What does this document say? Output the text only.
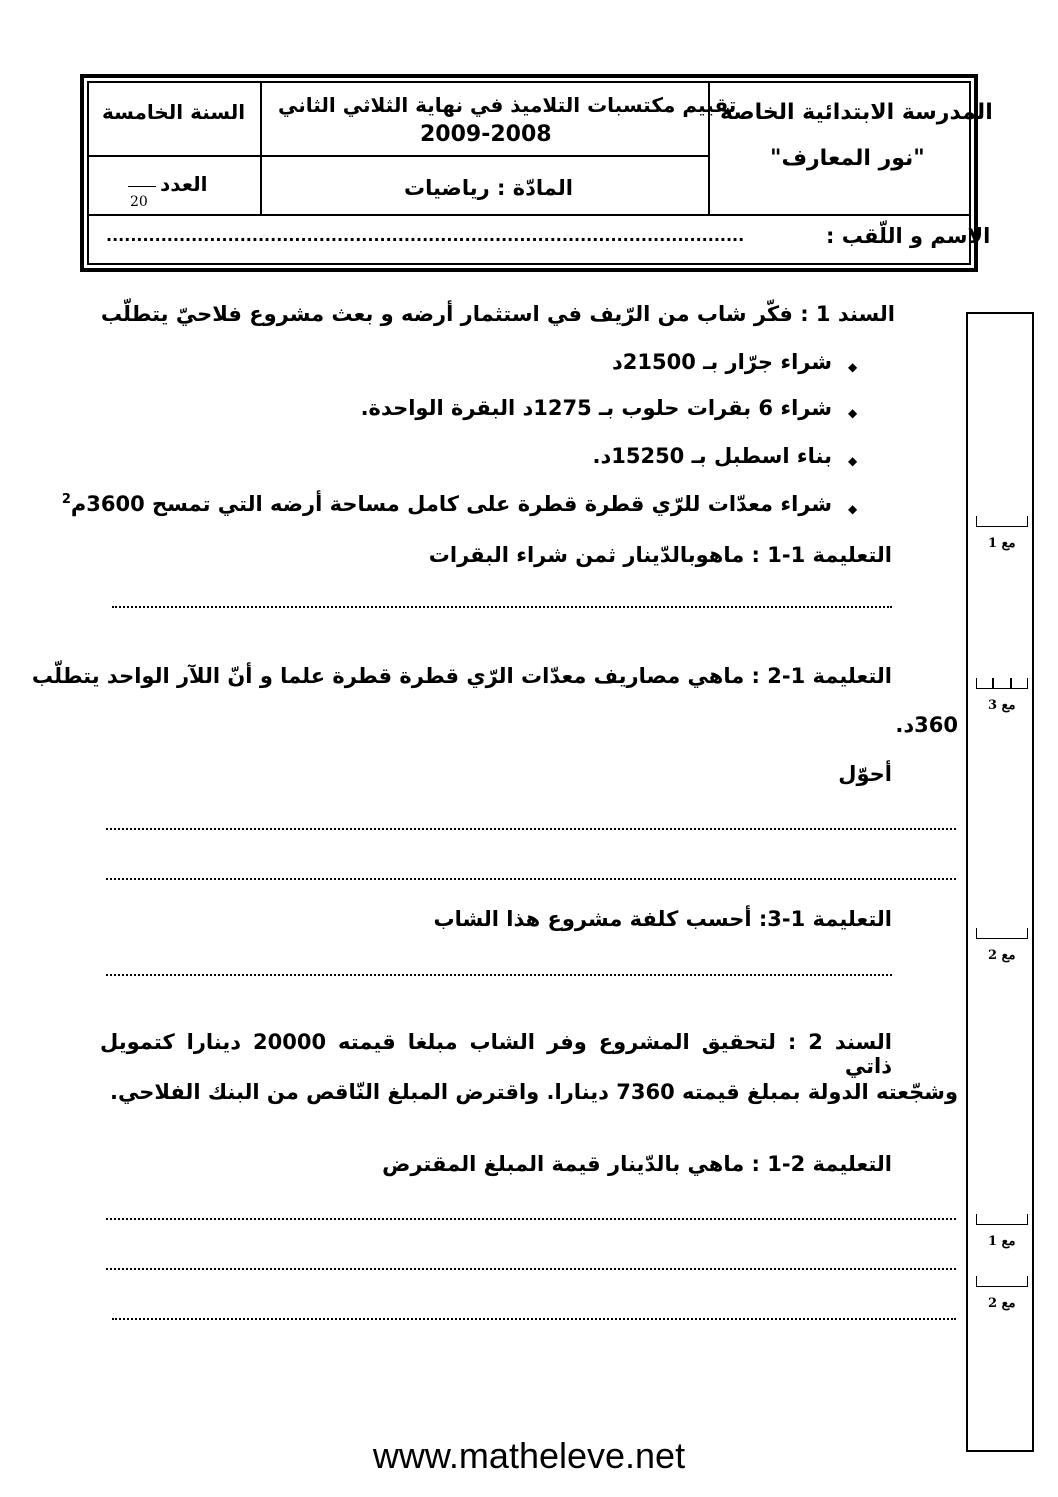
المدرسة الابتدائية الخاصة
"نور المعارف"
تقييم مكتسبات التلاميذ في نهاية الثلاثي الثاني
2009-2008
السنة الخامسة
المادّة : رياضيات
العدد
20
الاسم و اللّقب :
.........................................................................................................
مع 1
مع 3
مع 2
مع 1
مع 2
السند 1 : فكّر شاب من الرّيف في استثمار أرضه و بعث مشروع فلاحيّ يتطلّب
◆
شراء جرّار بـ 21500د
◆
شراء 6 بقرات حلوب بـ 1275د البقرة الواحدة.
◆
بناء اسطبل بـ 15250د.
◆
شراء معدّات للرّي قطرة قطرة على كامل مساحة أرضه التي تمسح 3600م$^2$
التعليمة 1-1 : ماهوبالدّينار ثمن شراء البقرات
التعليمة 1-2 : ماهي مصاريف معدّات الرّي قطرة قطرة علما و أنّ اللآر الواحد يتطلّب
360د.
أحوّل
التعليمة 1-3: أحسب كلفة مشروع هذا الشاب
السند 2 : لتحقيق المشروع وفر الشاب مبلغا قيمته 20000 دينارا كتمويل ذاتي
وشجّعته الدولة بمبلغ قيمته 7360 دينارا. واقترض المبلغ النّاقص من البنك الفلاحي.
التعليمة 2-1 : ماهي بالدّينار قيمة المبلغ المقترض
www.matheleve.net
